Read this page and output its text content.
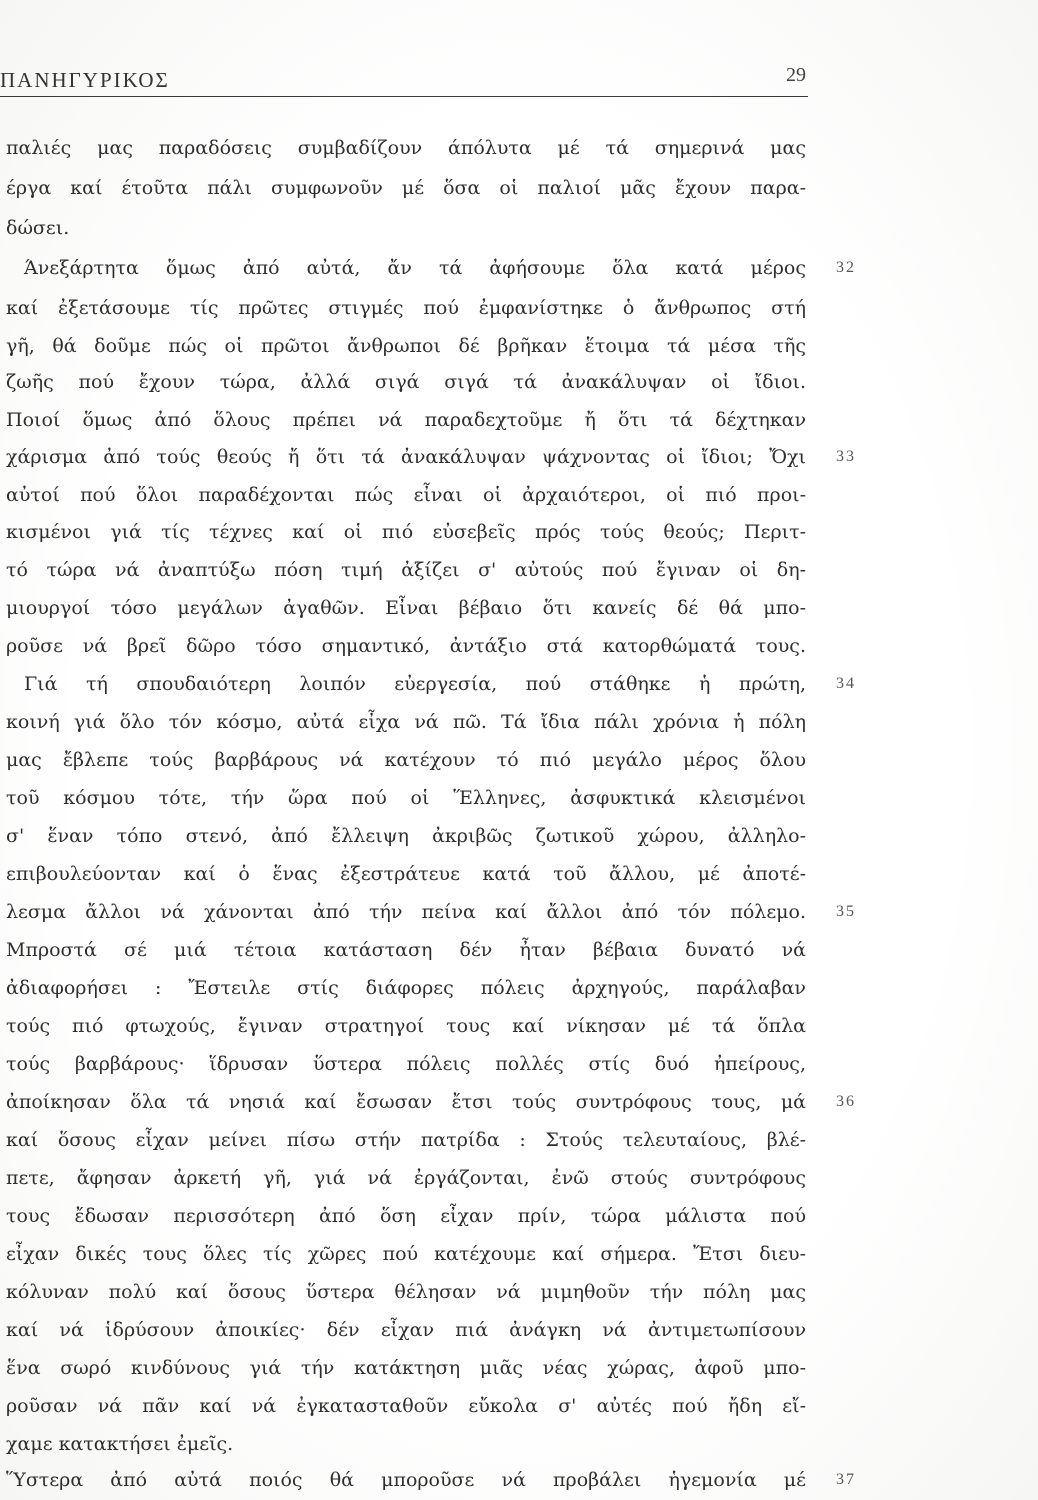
ΠΑΝΗΓΥΡΙΚΟΣ	29
παλιές μας παραδόσεις συμβαδίζουν άπόλυτα μέ τά σημερινά μας
έργα καί έτοῦτα πάλι συμφωνοῦν μέ ὅσα οἱ παλιοί μᾶς ἔχουν παρα-
δώσει.
Άνεξάρτητα ὅμως ἀπό αὐτά, ἄν τά ἀφήσουμε ὅλα κατά μέρος
καί ἐξετάσουμε τίς πρῶτες στιγμές πού ἐμφανίστηκε ὁ ἄνθρωπος στή
γῆ, θά δοῦμε πώς οἱ πρῶτοι ἄνθρωποι δέ βρῆκαν ἕτοιμα τά μέσα τῆς
ζωῆς πού ἔχουν τώρα, ἀλλά σιγά σιγά τά ἀνακάλυψαν οἱ ἴδιοι.
Ποιοί ὅμως ἀπό ὅλους πρέπει νά παραδεχτοῦμε ἤ ὅτι τά δέχτηκαν
χάρισμα ἀπό τούς θεούς ἤ ὅτι τά ἀνακάλυψαν ψάχνοντας οἱ ἴδιοι; Ὄχι
αὐτοί πού ὅλοι παραδέχονται πώς εἶναι οἱ ἀρχαιότεροι, οἱ πιό προι-
κισμένοι γιά τίς τέχνες καί οἱ πιό εὐσεβεῖς πρός τούς θεούς; Περιτ-
τό τώρα νά ἀναπτύξω πόση τιμή ἀξίζει σ' αὐτούς πού ἔγιναν οἱ δη-
μιουργοί τόσο μεγάλων ἀγαθῶν. Εἶναι βέβαιο ὅτι κανείς δέ θά μπο-
ροῦσε νά βρεῖ δῶρο τόσο σημαντικό, ἀντάξιο στά κατορθώματά τους.
Γιά τή σπουδαιότερη λοιπόν εὐεργεσία, πού στάθηκε ἡ πρώτη,
κοινή γιά ὅλο τόν κόσμο, αὐτά εἶχα νά πῶ. Τά ἴδια πάλι χρόνια ἡ πόλη
μας ἔβλεπε τούς βαρβάρους νά κατέχουν τό πιό μεγάλο μέρος ὅλου
τοῦ κόσμου τότε, τήν ὥρα πού οἱ Ἕλληνες, ἀσφυκτικά κλεισμένοι
σ' ἕναν τόπο στενό, ἀπό ἔλλειψη ἀκριβῶς ζωτικοῦ χώρου, ἀλληλο-
επιβουλεύονταν καί ὁ ἕνας ἐξεστράτευε κατά τοῦ ἄλλου, μέ ἀποτέ-
λεσμα ἄλλοι νά χάνονται ἀπό τήν πείνα καί ἄλλοι ἀπό τόν πόλεμο.
Μπροστά σέ μιά τέτοια κατάσταση δέν ἦταν βέβαια δυνατό νά
ἀδιαφορήσει : Ἔστειλε στίς διάφορες πόλεις ἀρχηγούς, παράλαβαν
τούς πιό φτωχούς, ἔγιναν στρατηγοί τους καί νίκησαν μέ τά ὅπλα
τούς βαρβάρους· ἵδρυσαν ὕστερα πόλεις πολλές στίς δυό ἠπείρους,
ἀποίκησαν ὅλα τά νησιά καί ἔσωσαν ἔτσι τούς συντρόφους τους, μά
καί ὅσους εἶχαν μείνει πίσω στήν πατρίδα : Στούς τελευταίους, βλέ-
πετε, ἄφησαν ἀρκετή γῆ, γιά νά ἐργάζονται, ἐνῶ στούς συντρόφους
τους ἔδωσαν περισσότερη ἀπό ὅση εἶχαν πρίν, τώρα μάλιστα πού
εἶχαν δικές τους ὅλες τίς χῶρες πού κατέχουμε καί σήμερα. Ἔτσι διευ-
κόλυναν πολύ καί ὅσους ὕστερα θέλησαν νά μιμηθοῦν τήν πόλη μας
καί νά ἱδρύσουν ἀποικίες· δέν εἶχαν πιά ἀνάγκη νά ἀντιμετωπίσουν
ἕνα σωρό κινδύνους γιά τήν κατάκτηση μιᾶς νέας χώρας, ἀφοῦ μπο-
ροῦσαν νά πᾶν καί νά ἐγκατασταθοῦν εὔκολα σ' αὐτές πού ἤδη εἴ-
χαμε κατακτήσει ἐμεῖς.
Ὕστερα ἀπό αὐτά ποιός θά μποροῦσε νά προβάλει ἡγεμονία μέ
32
33
34
35
36
37
